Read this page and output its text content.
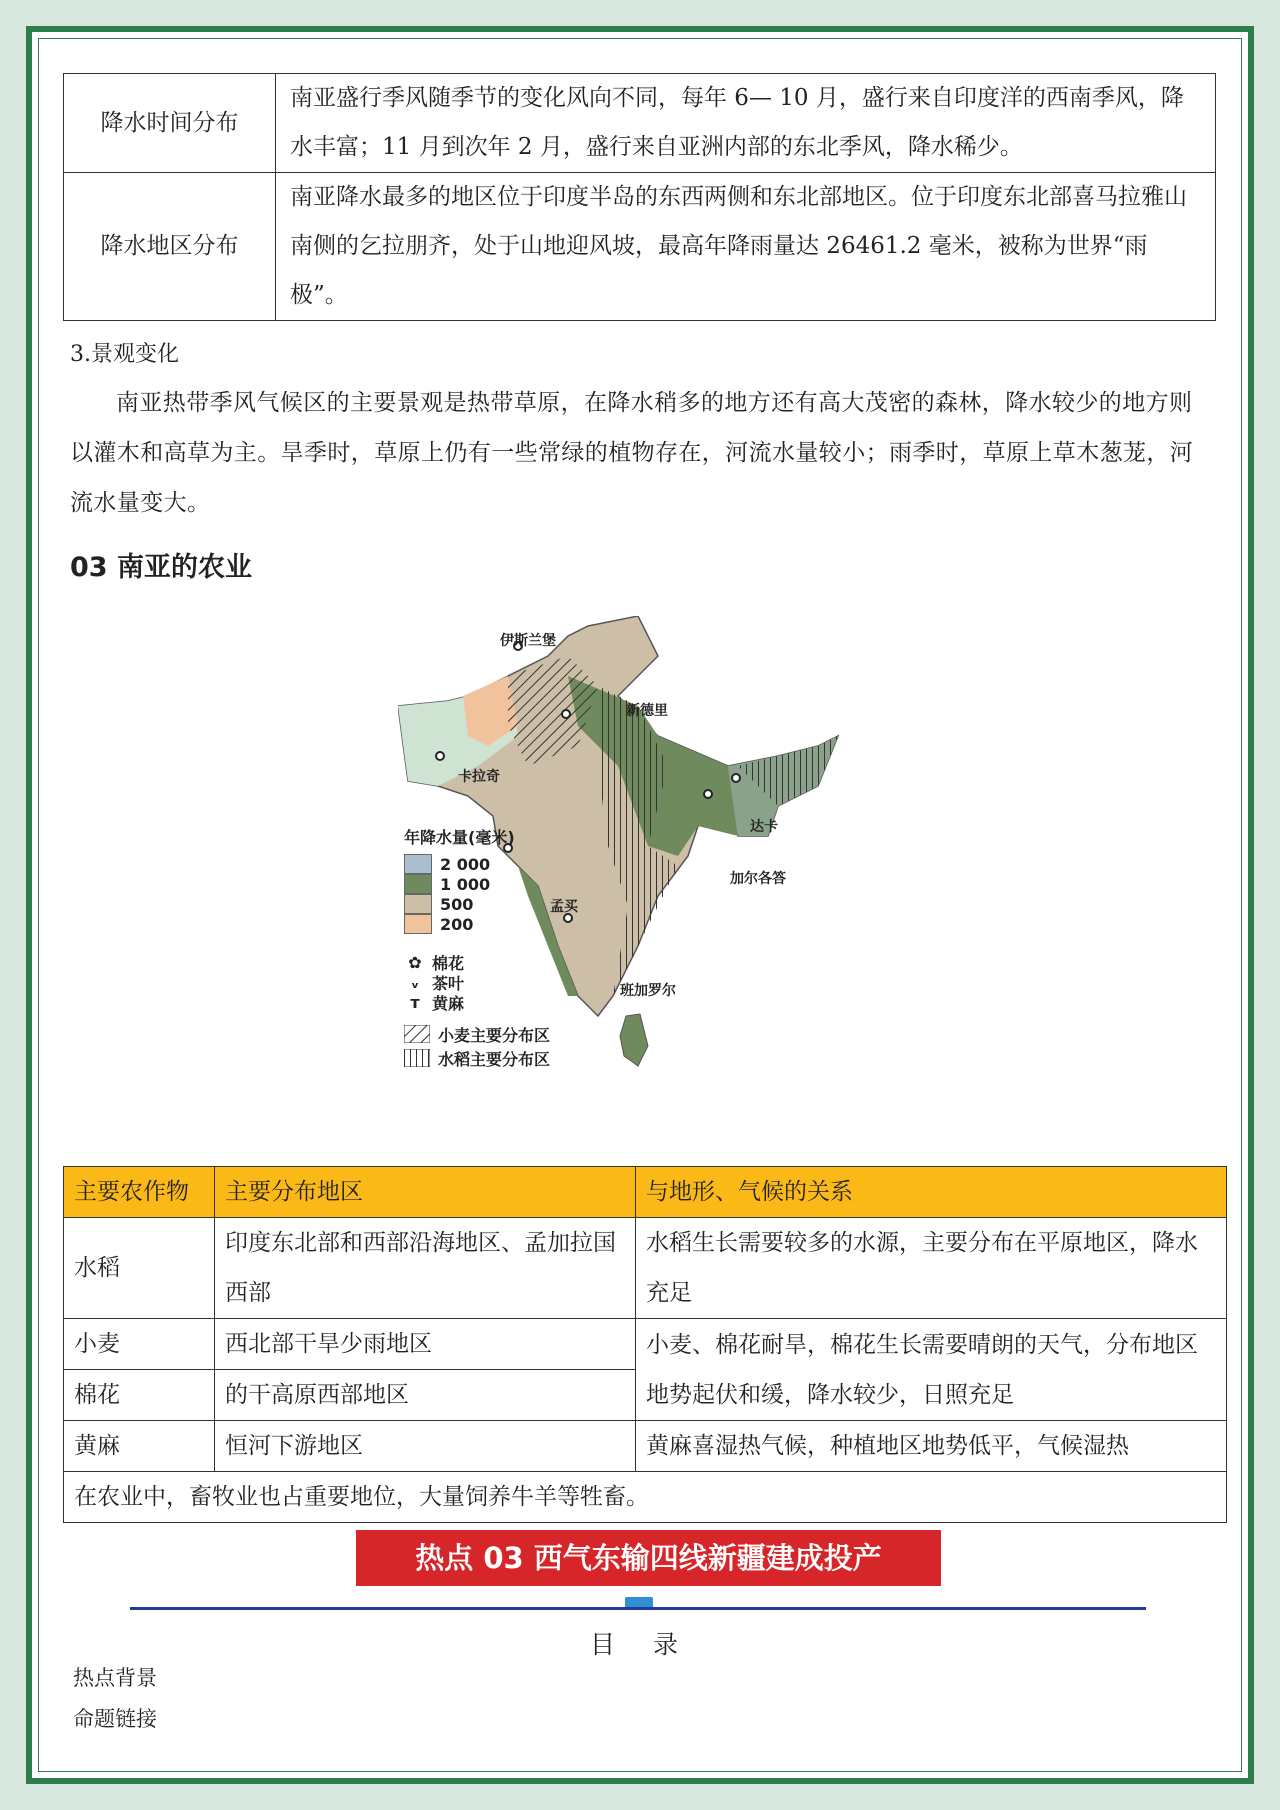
降水时间分布	南亚盛行季风随季节的变化风向不同，每年 6— 10 月，盛行来自印度洋的西南季风，降水丰富；11 月到次年 2 月，盛行来自亚洲内部的东北季风，降水稀少。
降水地区分布	南亚降水最多的地区位于印度半岛的东西两侧和东北部地区。位于印度东北部喜马拉雅山南侧的乞拉朋齐，处于山地迎风坡，最高年降雨量达 26461.2 毫米，被称为世界“雨极”。
3.景观变化
南亚热带季风气候区的主要景观是热带草原，在降水稍多的地方还有高大茂密的森林，降水较少的地方则以灌木和高草为主。旱季时，草原上仍有一些常绿的植物存在，河流水量较小；雨季时，草原上草木葱茏，河流水量变大。
03 南亚的农业
伊斯兰堡
新德里
卡拉奇
达卡
加尔各答
孟买
班加罗尔
年降水量(毫米)
2 000
1 000
500
200
✿ 棉花
ᵥ 茶叶
т 黄麻
小麦主要分布区
水稻主要分布区
主要农作物	主要分布地区	与地形、气候的关系
水稻	印度东北部和西部沿海地区、孟加拉国西部	水稻生长需要较多的水源，主要分布在平原地区，降水充足
小麦	西北部干旱少雨地区	小麦、棉花耐旱，棉花生长需要晴朗的天气，分布地区地势起伏和缓，降水较少，日照充足
棉花	的干高原西部地区	
黄麻	恒河下游地区	黄麻喜湿热气候，种植地区地势低平，气候湿热
在农业中，畜牧业也占重要地位，大量饲养牛羊等牲畜。		
热点 03 西气东输四线新疆建成投产
目录
热点背景
命题链接
